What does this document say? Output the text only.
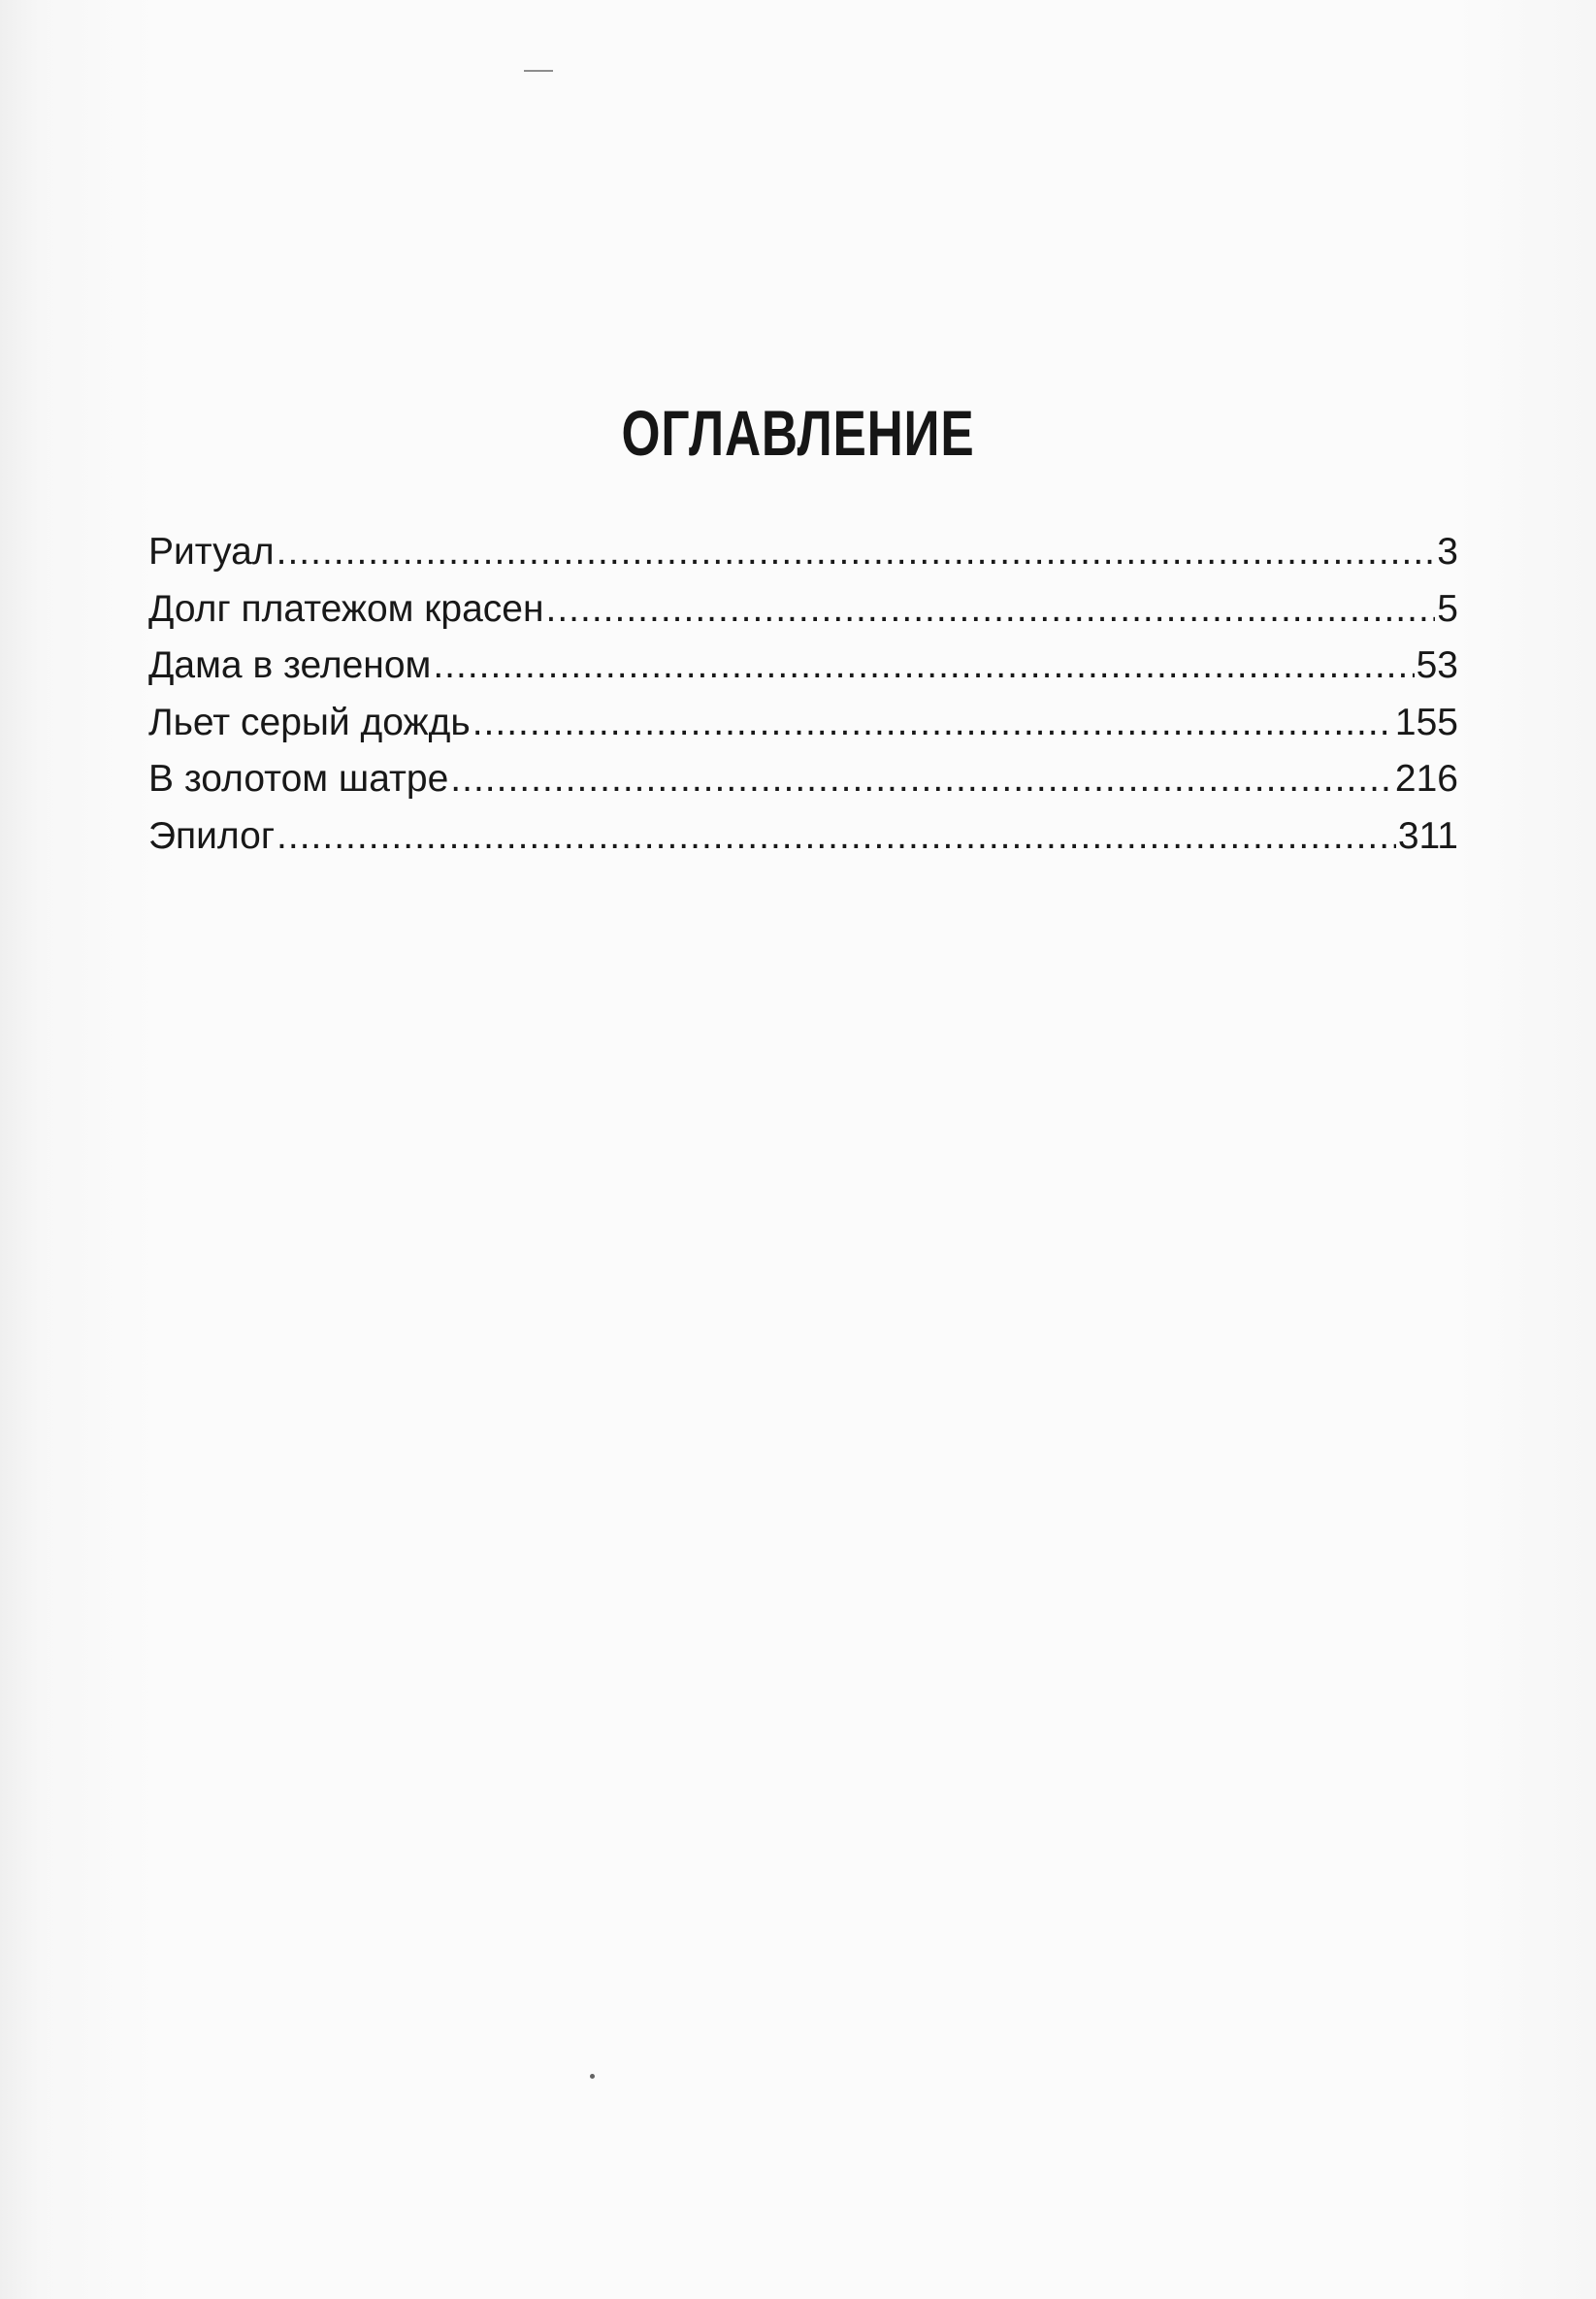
ОГЛАВЛЕНИЕ
Ритуал .....	3
Долг платежом красен .....	5
Дама в зеленом .....	53
Льет серый дождь .....	155
В золотом шатре .....	216
Эпилог .....	311
